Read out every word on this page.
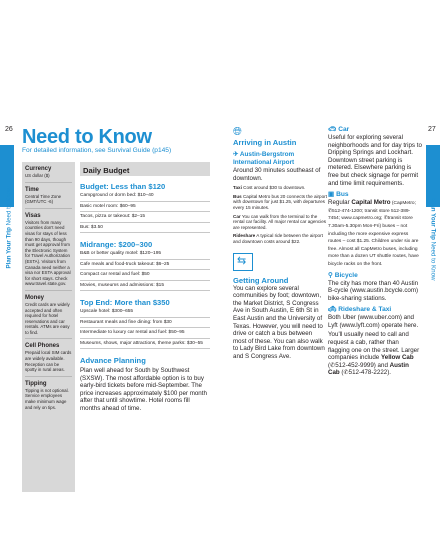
26	27
Plan Your Trip Need to Know	Plan Your Trip Need to Know
Need to Know
For detailed information, see Survival Guide (p145)
Currency
US dollar ($)
Time
Central Time Zone (GMT/UTC -6)
Visas
Visitors from many countries don't need visas for stays of less than 90 days, though must get approval from the Electronic System for Travel Authorization (ESTA). Visitors from Canada need neither a visa nor ESTA approval for short stays. Check www.travel.state.gov.
Money
Credit cards are widely accepted and often required for hotel reservations and car rentals. ATMs are easy to find.
Cell Phones
Prepaid local SIM cards are widely available. Reception can be spotty in rural areas.
Tipping
Tipping is not optional. Service employees make minimum wage and rely on tips.
Daily Budget
Budget: Less than $120
Campground or dorm bed: $10–40
Basic motel room: $60–95
Tacos, pizza or takeout: $2–15
Bus: $3.50
Midrange: $200–300
B&B or better quality motel: $120–195
Cafe meals and food-truck takeout: $6–25
Compact car rental and fuel: $50
Movies, museums and admissions: $15
Top End: More than $350
Upscale hotel: $300–655
Restaurant meals and fine dining: from $30
Intermediate to luxury car rental and fuel: $50–95
Museums, shows, major attractions, theme parks: $30–55
Advance Planning
Plan well ahead for South by Southwest (SXSW). The most affordable option is to buy early-bird tickets before mid-September. The price increases approximately $100 per month after that until showtime. Hotel rooms fill months ahead of time.
🌐︎
Arriving in Austin
✈︎ Austin-Bergstrom International Airport
Around 30 minutes southeast of downtown.
Taxi Cost around $30 to downtown.
Bus Capital Metro bus 20 connects the airport with downtown for just $1.25, with departures every 15 minutes.
Car You can walk from the terminal to the rental car facility. All major rental car agencies are represented.
Rideshare A typical ride between the airport and downtown costs around $22.
⇆
Getting Around
You can explore several communities by foot; downtown, the Market District, S Congress Ave in South Austin, E 6th St in East Austin and the University of Texas. However, you will need to drive or catch a bus between most of these. You can also walk to Lady Bird Lake from downtown and S Congress Ave.
🚗︎ Car
Useful for exploring several neighborhoods and for day trips to Dripping Springs and Lockhart. Downtown street parking is metered. Elsewhere parking is free but check signage for permit and time limit requirements.
▣ Bus
Regular Capital Metro (CapMetro; ✆512-474-1200; transit store 512-389-7454; www.capmetro.org; ✆transit store 7.30am-5.30pm Mon-Fri) buses – not including the more expensive express routes – cost $1.25. Children under six are free. Almost all CapMetro buses, including more than a dozen UT shuttle routes, have bicycle racks on the front.
⚲ Bicycle
The city has more than 40 Austin B-cycle (www.austin.bcycle.com) bike-sharing stations.
🚕︎ Rideshare & Taxi
Both Uber (www.uber.com) and Lyft (www.lyft.com) operate here.
You'll usually need to call and request a cab, rather than flagging one on the street. Larger companies include Yellow Cab (✆512-452-9999) and Austin Cab (✆512-478-2222).
